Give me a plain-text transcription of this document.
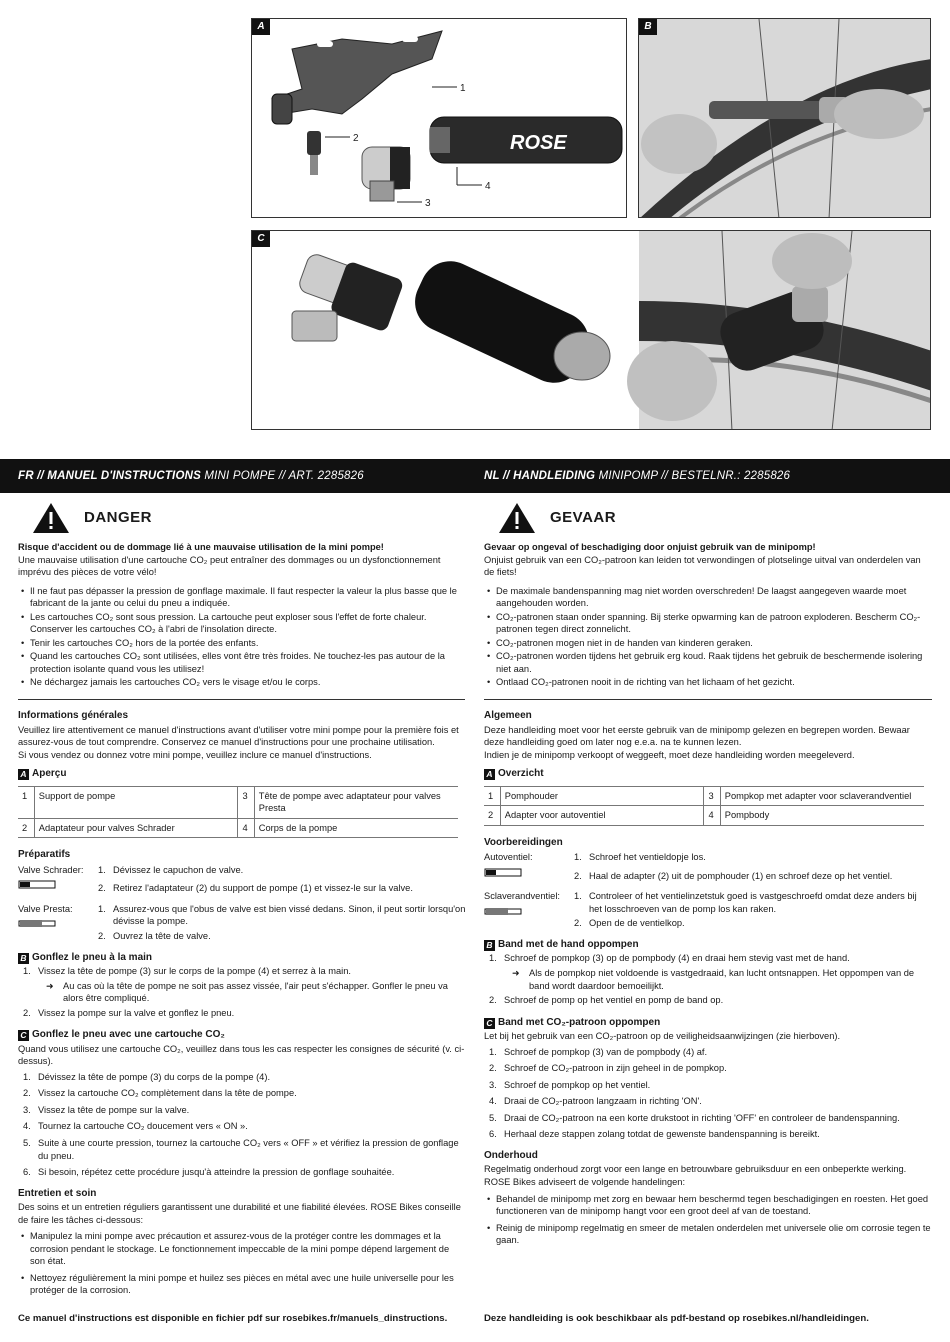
A
ROSE
1
2
3
4
B
C
FR // MANUEL D'INSTRUCTIONS MINI POMPE // ART. 2285826	NL // HANDLEIDING MINIPOMP // BESTELNR.: 2285826
DANGER
Risque d'accident ou de dommage lié à une mauvaise utilisation de la mini pompe!
Une mauvaise utilisation d'une cartouche CO₂ peut entraîner des dommages ou un dysfonctionnement imprévu des pièces de votre vélo!
• Il ne faut pas dépasser la pression de gonflage maximale. Il faut respecter la valeur la plus basse que le fabricant de la jante ou celui du pneu a indiquée.
• Les cartouches CO₂ sont sous pression. La cartouche peut exploser sous l'effet de forte chaleur. Conserver les cartouches CO₂ à l'abri de l'insolation directe.
• Tenir les cartouches CO₂ hors de la portée des enfants.
• Quand les cartouches CO₂ sont utilisées, elles vont être très froides. Ne touchez-les pas autour de la protection isolante quand vous les utilisez!
• Ne déchargez jamais les cartouches CO₂ vers le visage et/ou le corps.
Informations générales
Veuillez lire attentivement ce manuel d'instructions avant d'utiliser votre mini pompe pour la première fois et assurez-vous de tout comprendre. Conservez ce manuel d'instructions pour une prochaine utilisation.
Si vous vendez ou donnez votre mini pompe, veuillez inclure ce manuel d'instructions.
A Aperçu
1	Support de pompe	3	Tête de pompe avec adaptateur pour valves Presta
2	Adaptateur pour valves Schrader	4	Corps de la pompe
Préparatifs
Valve Schrader:	1. Dévissez le capuchon de valve.
2. Retirez l'adaptateur (2) du support de pompe (1) et vissez-le sur la valve.
Valve Presta:	1. Assurez-vous que l'obus de valve est bien vissé dedans. Sinon, il peut sortir lorsqu'on dévisse la pompe.
2. Ouvrez la tête de valve.
B Gonflez le pneu à la main
1. Vissez la tête de pompe (3) sur le corps de la pompe (4) et serrez à la main.
➜ Au cas où la tête de pompe ne soit pas assez vissée, l'air peut s'échapper. Gonfler le pneu va alors être compliqué.
2. Vissez la pompe sur la valve et gonflez le pneu.
C Gonflez le pneu avec une cartouche CO₂
Quand vous utilisez une cartouche CO₂, veuillez dans tous les cas respecter les consignes de sécurité (v. ci-dessus).
1. Dévissez la tête de pompe (3) du corps de la pompe (4).
2. Vissez la cartouche CO₂ complètement dans la tête de pompe.
3. Vissez la tête de pompe sur la valve.
4. Tournez la cartouche CO₂ doucement vers « ON ».
5. Suite à une courte pression, tournez la cartouche CO₂ vers « OFF » et vérifiez la pression de gonflage du pneu.
6. Si besoin, répétez cette procédure jusqu'à atteindre la pression de gonflage souhaitée.
Entretien et soin
Des soins et un entretien réguliers garantissent une durabilité et une fiabilité élevées. ROSE Bikes conseille de faire les tâches ci-dessous:
• Manipulez la mini pompe avec précaution et assurez-vous de la protéger contre les dommages et la corrosion pendant le stockage. Le fonctionnement impeccable de la mini pompe dépend largement de son état.
• Nettoyez régulièrement la mini pompe et huilez ses pièces en métal avec une huile universelle pour les protéger de la corrosion.
Ce manuel d'instructions est disponible en fichier pdf sur rosebikes.fr/manuels_dinstructions.
GEVAAR
Gevaar op ongeval of beschadiging door onjuist gebruik van de minipomp!
Onjuist gebruik van een CO₂-patroon kan leiden tot verwondingen of plotselinge uitval van onderdelen van de fiets!
• De maximale bandenspanning mag niet worden overschreden! De laagst aangegeven waarde moet aangehouden worden.
• CO₂-patronen staan onder spanning. Bij sterke opwarming kan de patroon exploderen. Bescherm CO₂-patronen tegen direct zonnelicht.
• CO₂-patronen mogen niet in de handen van kinderen geraken.
• CO₂-patronen worden tijdens het gebruik erg koud. Raak tijdens het gebruik de beschermende isolering niet aan.
• Ontlaad CO₂-patronen nooit in de richting van het lichaam of het gezicht.
Algemeen
Deze handleiding moet voor het eerste gebruik van de minipomp gelezen en begrepen worden. Bewaar deze handleiding goed om later nog e.e.a. na te kunnen lezen.
Indien je de minipomp verkoopt of weggeeft, moet deze handleiding worden meegeleverd.
A Overzicht
1	Pomphouder	3	Pompkop met adapter voor sclaverandventiel
2	Adapter voor autoventiel	4	Pompbody
Voorbereidingen
Autoventiel:	1. Schroef het ventieldopje los.
2. Haal de adapter (2) uit de pomphouder (1) en schroef deze op het ventiel.
Sclaverandventiel:	1. Controleer of het ventielinzetstuk goed is vastgeschroefd omdat deze anders bij het losschroeven van de pomp los kan raken.
2. Open de de ventielkop.
B Band met de hand oppompen
1. Schroef de pompkop (3) op de pompbody (4) en draai hem stevig vast met de hand.
➜ Als de pompkop niet voldoende is vastgedraaid, kan lucht ontsnappen. Het oppompen van de band wordt daardoor bemoeilijkt.
2. Schroef de pomp op het ventiel en pomp de band op.
C Band met CO₂-patroon oppompen
Let bij het gebruik van een CO₂-patroon op de veiligheidsaanwijzingen (zie hierboven).
1. Schroef de pompkop (3) van de pompbody (4) af.
2. Schroef de CO₂-patroon in zijn geheel in de pompkop.
3. Schroef de pompkop op het ventiel.
4. Draai de CO₂-patroon langzaam in richting 'ON'.
5. Draai de CO₂-patroon na een korte drukstoot in richting 'OFF' en controleer de bandenspanning.
6. Herhaal deze stappen zolang totdat de gewenste bandenspanning is bereikt.
Onderhoud
Regelmatig onderhoud zorgt voor een lange en betrouwbare gebruiksduur en een onbeperkte werking. ROSE Bikes adviseert de volgende handelingen:
• Behandel de minipomp met zorg en bewaar hem beschermd tegen beschadigingen en roesten. Het goed functioneren van de minipomp hangt voor een groot deel af van de toestand.
• Reinig de minipomp regelmatig en smeer de metalen onderdelen met universele olie om corrosie tegen te gaan.
Deze handleiding is ook beschikbaar als pdf-bestand op rosebikes.nl/handleidingen.
